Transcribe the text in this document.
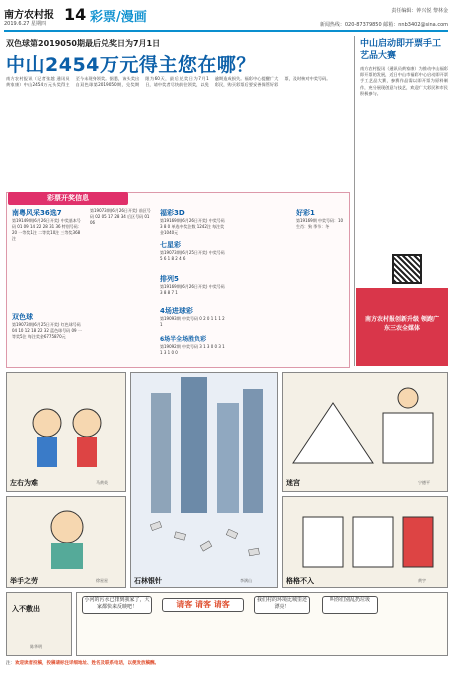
南方农村报
2019.6.27 星期四 14 彩票/漫画	责任编辑：钟兴悦 黎林金
新闻热线：020-87379850 邮箱：nnb3402@sina.com
双色球第2019050期最后兑奖日为7月1日
中山2454万元得主您在哪？
南方农村报讯（记者张越 通讯员黄家康）中山2454万元头奖得主至今未现身领奖。据悉，该头奖出自双色球第2019050期，兑奖期限为60天，最后兑奖日为7月1日，请中奖者尽快前往领奖，以免逾期造成损失。福彩中心提醒广大彩民，购买彩票后要妥善保管好彩票，及时核对中奖号码。
中山启动即开票手工艺品大赛
南方农村报讯（通讯员黄家康）为推动中山福彩即开票的发展，近日中山市福彩中心启动即开票手工艺品大赛，参赛作品需以即开票为原料制作，充分展现创意与技艺，欢迎广大彩民和市民积极参与。
彩票开奖信息
南粤风采36选7
第19149期(6月26日开奖) 中奖基本号码 01 09 14 22 28 31 36 特别号码：20 一等奖1注 二等奖10注 三等奖368注
双色球
第19073期(6月25日开奖) 红色球号码 04 10 12 18 22 32 蓝色球号码 09 一等奖5注 每注奖金6775870元
第19073期(6月26日开奖) 前区号码 02 05 17 28 34 后区号码 01 06
福彩3D
第19169期(6月26日开奖) 中奖号码 3 8 0 单选中奖注数 1242注 每注奖金1040元
七星彩
第19073期(6月25日开奖) 中奖号码 5 6 1 8 2 4 6
排列5
第19169期(6月26日开奖) 中奖号码 3 8 8 7 1
4场进球彩
第19093期 中奖号码 0 2 0 1 1 1 2 1
6场半全场胜负彩
第19092期 中奖号码 3 1 3 0 0 3 1 1 3 1 0 0
好彩1
第19169期 中奖号码：10 生肖：狗 季节：冬
南方农村报创新升级 领跑广东三农全媒体
左右为难	马黄英	迷宫	宁德平
举手之劳	徐星星	石林银针	李满山	格格不入	黄宇
入不敷出
陈华明
小河的污水已排到我家了，大家都快来反映吧！	请客 请客 请客	我们村的环境比城里还漂亮！
叫你们别乱扔垃圾
注：欢迎读者投稿，投稿请标注详细地址、姓名及联系电话，以便发放稿酬。
